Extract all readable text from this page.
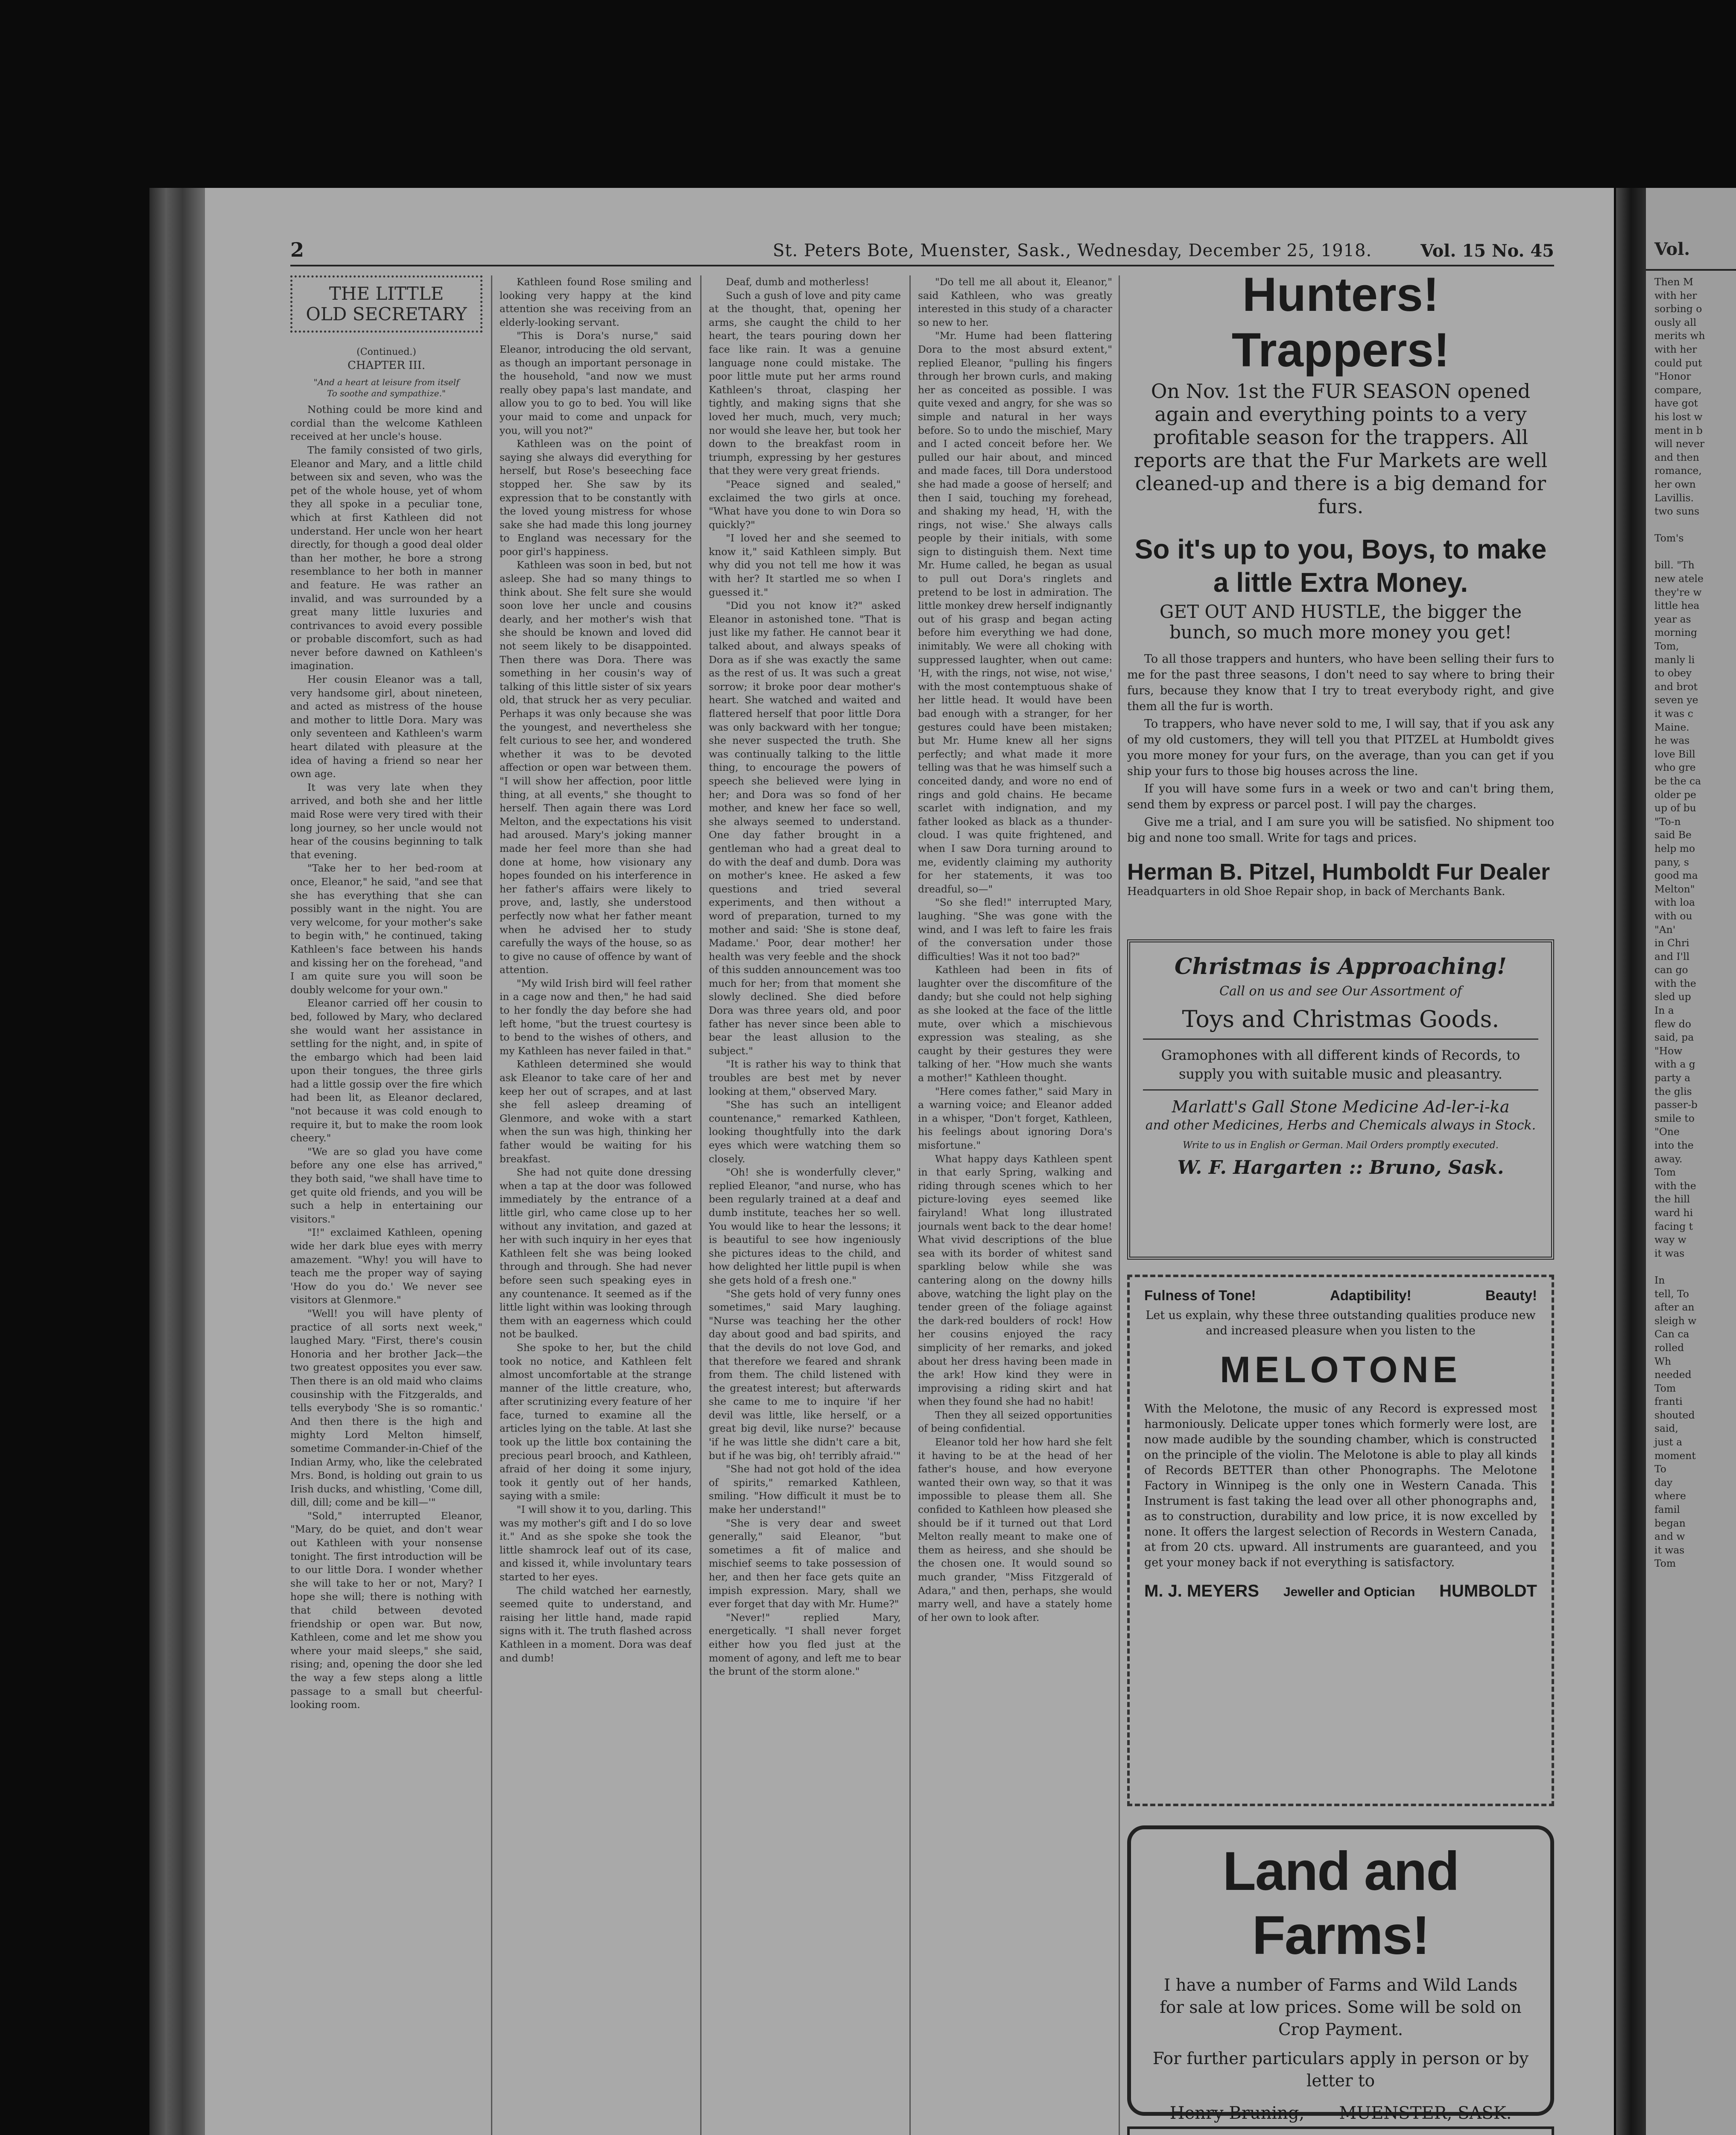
2	St. Peters Bote, Muenster, Sask., Wednesday, December 25, 1918.	Vol. 15 No. 45
THE LITTLE
OLD SECRETARY
(Continued.)
CHAPTER III.
"And a heart at leisure from itself
To soothe and sympathize."

Nothing could be more kind and cordial than the welcome Kathleen received at her uncle's house.

The family consisted of two girls, Eleanor and Mary, and a little child between six and seven, who was the pet of the whole house, yet of whom they all spoke in a peculiar tone, which at first Kathleen did not understand. Her uncle won her heart directly, for though a good deal older than her mother, he bore a strong resemblance to her both in manner and feature. He was rather an invalid, and was surrounded by a great many little luxuries and contrivances to avoid every possible or probable discomfort, such as had never before dawned on Kathleen's imagination.

Her cousin Eleanor was a tall, very handsome girl, about nineteen, and acted as mistress of the house and mother to little Dora. Mary was only seventeen and Kathleen's warm heart dilated with pleasure at the idea of having a friend so near her own age.

It was very late when they arrived, and both she and her little maid Rose were very tired with their long journey, so her uncle would not hear of the cousins beginning to talk that evening.

"Take her to her bed-room at once, Eleanor," he said, "and see that she has everything that she can possibly want in the night. You are very welcome, for your mother's sake to begin with," he continued, taking Kathleen's face between his hands and kissing her on the forehead, "and I am quite sure you will soon be doubly welcome for your own."

Eleanor carried off her cousin to bed, followed by Mary, who declared she would want her assistance in settling for the night, and, in spite of the embargo which had been laid upon their tongues, the three girls had a little gossip over the fire which had been lit, as Eleanor declared, "not because it was cold enough to require it, but to make the room look cheery."

"We are so glad you have come before any one else has arrived," they both said, "we shall have time to get quite old friends, and you will be such a help in entertaining our visitors."

"I!" exclaimed Kathleen, opening wide her dark blue eyes with merry amazement. "Why! you will have to teach me the proper way of saying 'How do you do.' We never see visitors at Glenmore."

"Well! you will have plenty of practice of all sorts next week," laughed Mary. "First, there's cousin Honoria and her brother Jack—the two greatest opposites you ever saw. Then there is an old maid who claims cousinship with the Fitzgeralds, and tells everybody 'She is so romantic.' And then there is the high and mighty Lord Melton himself, sometime Commander-in-Chief of the Indian Army, who, like the celebrated Mrs. Bond, is holding out grain to us Irish ducks, and whistling, 'Come dill, dill, dill; come and be kill—'"

"Sold," interrupted Eleanor, "Mary, do be quiet, and don't wear out Kathleen with your nonsense tonight. The first introduction will be to our little Dora. I wonder whether she will take to her or not, Mary? I hope she will; there is nothing with that child between devoted friendship or open war. But now, Kathleen, come and let me show you where your maid sleeps," she said, rising; and, opening the door she led the way a few steps along a little passage to a small but cheerful-looking room.

Kathleen found Rose smiling and looking very happy at the kind attention she was receiving from an elderly-looking servant.

"This is Dora's nurse," said Eleanor, introducing the old servant, as though an important personage in the household, "and now we must really obey papa's last mandate, and allow you to go to bed. You will like your maid to come and unpack for you, will you not?"

Kathleen was on the point of saying she always did everything for herself, but Rose's beseeching face stopped her. She saw by its expression that to be constantly with the loved young mistress for whose sake she had made this long journey to England was necessary for the poor girl's happiness.

Kathleen was soon in bed, but not asleep. She had so many things to think about. She felt sure she would soon love her uncle and cousins dearly, and her mother's wish that she should be known and loved did not seem likely to be disappointed. Then there was Dora. There was something in her cousin's way of talking of this little sister of six years old, that struck her as very peculiar. Perhaps it was only because she was the youngest, and nevertheless she felt curious to see her, and wondered whether it was to be devoted affection or open war between them. "I will show her affection, poor little thing, at all events," she thought to herself. Then again there was Lord Melton, and the expectations his visit had aroused. Mary's joking manner made her feel more than she had done at home, how visionary any hopes founded on his interference in her father's affairs were likely to prove, and, lastly, she understood perfectly now what her father meant when he advised her to study carefully the ways of the house, so as to give no cause of offence by want of attention.

"My wild Irish bird will feel rather in a cage now and then," he had said to her fondly the day before she had left home, "but the truest courtesy is to bend to the wishes of others, and my Kathleen has never failed in that."

Kathleen determined she would ask Eleanor to take care of her and keep her out of scrapes, and at last she fell asleep dreaming of Glenmore, and woke with a start when the sun was high, thinking her father would be waiting for his breakfast.

She had not quite done dressing when a tap at the door was followed immediately by the entrance of a little girl, who came close up to her without any invitation, and gazed at her with such inquiry in her eyes that Kathleen felt she was being looked through and through. She had never before seen such speaking eyes in any countenance. It seemed as if the little light within was looking through them with an eagerness which could not be baulked.

She spoke to her, but the child took no notice, and Kathleen felt almost uncomfortable at the strange manner of the little creature, who, after scrutinizing every feature of her face, turned to examine all the articles lying on the table. At last she took up the little box containing the precious pearl brooch, and Kathleen, afraid of her doing it some injury, took it gently out of her hands, saying with a smile:

"I will show it to you, darling. This was my mother's gift and I do so love it." And as she spoke she took the little shamrock leaf out of its case, and kissed it, while involuntary tears started to her eyes.

The child watched her earnestly, seemed quite to understand, and raising her little hand, made rapid signs with it. The truth flashed across Kathleen in a moment. Dora was deaf and dumb!

Deaf, dumb and motherless!

Such a gush of love and pity came at the thought, that, opening her arms, she caught the child to her heart, the tears pouring down her face like rain. It was a genuine language none could mistake. The poor little mute put her arms round Kathleen's throat, clasping her tightly, and making signs that she loved her much, much, very much; nor would she leave her, but took her down to the breakfast room in triumph, expressing by her gestures that they were very great friends.

"Peace signed and sealed," exclaimed the two girls at once. "What have you done to win Dora so quickly?"

"I loved her and she seemed to know it," said Kathleen simply. But why did you not tell me how it was with her? It startled me so when I guessed it."

"Did you not know it?" asked Eleanor in astonished tone. "That is just like my father. He cannot bear it talked about, and always speaks of Dora as if she was exactly the same as the rest of us. It was such a great sorrow; it broke poor dear mother's heart. She watched and waited and flattered herself that poor little Dora was only backward with her tongue; she never suspected the truth. She was continually talking to the little thing, to encourage the powers of speech she believed were lying in her; and Dora was so fond of her mother, and knew her face so well, she always seemed to understand. One day father brought in a gentleman who had a great deal to do with the deaf and dumb. Dora was on mother's knee. He asked a few questions and tried several experiments, and then without a word of preparation, turned to my mother and said: 'She is stone deaf, Madame.' Poor, dear mother! her health was very feeble and the shock of this sudden announcement was too much for her; from that moment she slowly declined. She died before Dora was three years old, and poor father has never since been able to bear the least allusion to the subject."

"It is rather his way to think that troubles are best met by never looking at them," observed Mary.

"She has such an intelligent countenance," remarked Kathleen, looking thoughtfully into the dark eyes which were watching them so closely.

"Oh! she is wonderfully clever," replied Eleanor, "and nurse, who has been regularly trained at a deaf and dumb institute, teaches her so well. You would like to hear the lessons; it is beautiful to see how ingeniously she pictures ideas to the child, and how delighted her little pupil is when she gets hold of a fresh one."

"She gets hold of very funny ones sometimes," said Mary laughing. "Nurse was teaching her the other day about good and bad spirits, and that the devils do not love God, and that therefore we feared and shrank from them. The child listened with the greatest interest; but afterwards she came to me to inquire 'if her devil was little, like herself, or a great big devil, like nurse?' because 'if he was little she didn't care a bit, but if he was big, oh! terribly afraid.'"

"She had not got hold of the idea of spirits," remarked Kathleen, smiling. "How difficult it must be to make her understand!"

"She is very dear and sweet generally," said Eleanor, "but sometimes a fit of malice and mischief seems to take possession of her, and then her face gets quite an impish expression. Mary, shall we ever forget that day with Mr. Hume?"

"Never!" replied Mary, energetically. "I shall never forget either how you fled just at the moment of agony, and left me to bear the brunt of the storm alone."

"Do tell me all about it, Eleanor," said Kathleen, who was greatly interested in this study of a character so new to her.

"Mr. Hume had been flattering Dora to the most absurd extent," replied Eleanor, "pulling his fingers through her brown curls, and making her as conceited as possible. I was quite vexed and angry, for she was so simple and natural in her ways before. So to undo the mischief, Mary and I acted conceit before her. We pulled our hair about, and minced and made faces, till Dora understood she had made a goose of herself; and then I said, touching my forehead, and shaking my head, 'H, with the rings, not wise.' She always calls people by their initials, with some sign to distinguish them. Next time Mr. Hume called, he began as usual to pull out Dora's ringlets and pretend to be lost in admiration. The little monkey drew herself indignantly out of his grasp and began acting before him everything we had done, inimitably. We were all choking with suppressed laughter, when out came: 'H, with the rings, not wise, not wise,' with the most contemptuous shake of her little head. It would have been bad enough with a stranger, for her gestures could have been mistaken; but Mr. Hume knew all her signs perfectly; and what made it more telling was that he was himself such a conceited dandy, and wore no end of rings and gold chains. He became scarlet with indignation, and my father looked as black as a thunder-cloud. I was quite frightened, and when I saw Dora turning around to me, evidently claiming my authority for her statements, it was too dreadful, so—"

"So she fled!" interrupted Mary, laughing. "She was gone with the wind, and I was left to faire les frais of the conversation under those difficulties! Was it not too bad?"

Kathleen had been in fits of laughter over the discomfiture of the dandy; but she could not help sighing as she looked at the face of the little mute, over which a mischievous expression was stealing, as she caught by their gestures they were talking of her. "How much she wants a mother!" Kathleen thought.

"Here comes father," said Mary in a warning voice; and Eleanor added in a whisper, "Don't forget, Kathleen, his feelings about ignoring Dora's misfortune."

What happy days Kathleen spent in that early Spring, walking and riding through scenes which to her picture-loving eyes seemed like fairyland! What long illustrated journals went back to the dear home! What vivid descriptions of the blue sea with its border of whitest sand sparkling below while she was cantering along on the downy hills above, watching the light play on the tender green of the foliage against the dark-red boulders of rock! How her cousins enjoyed the racy simplicity of her remarks, and joked about her dress having been made in the ark! How kind they were in improvising a riding skirt and hat when they found she had no habit!

Then they all seized opportunities of being confidential.

Eleanor told her how hard she felt it having to be at the head of her father's house, and how everyone wanted their own way, so that it was impossible to please them all. She confided to Kathleen how pleased she should be if it turned out that Lord Melton really meant to make one of them as heiress, and she should be the chosen one. It would sound so much grander, "Miss Fitzgerald of Adara," and then, perhaps, she would marry well, and have a stately home of her own to look after.

Hunters! Trappers!
On Nov. 1st the FUR SEASON opened again and everything points to a very profitable season for the trappers. All reports are that the Fur Markets are well cleaned-up and there is a big demand for furs.
So it's up to you, Boys, to make a little Extra Money.
GET OUT AND HUSTLE, the bigger the bunch, so much more money you get!

To all those trappers and hunters, who have been selling their furs to me for the past three seasons, I don't need to say where to bring their furs, because they know that I try to treat everybody right, and give them all the fur is worth.

To trappers, who have never sold to me, I will say, that if you ask any of my old customers, they will tell you that PITZEL at Humboldt gives you more money for your furs, on the average, than you can get if you ship your furs to those big houses across the line.

If you will have some furs in a week or two and can't bring them, send them by express or parcel post. I will pay the charges.

Give me a trial, and I am sure you will be satisfied. No shipment too big and none too small. Write for tags and prices.

Herman B. Pitzel, Humboldt Fur Dealer
Headquarters in old Shoe Repair shop, in back of Merchants Bank.
Christmas is Approaching!
Call on us and see Our Assortment of
Toys and Christmas Goods.
Gramophones with all different kinds of Records, to supply you with suitable music and pleasantry.
Marlatt's Gall Stone Medicine Ad-ler-i-ka
and other Medicines, Herbs and Chemicals always in Stock.
Write to us in English or German. Mail Orders promptly executed.
W. F. Hargarten :: Bruno, Sask.
Fulness of Tone!	Adaptibility!	Beauty!
Let us explain, why these three outstanding qualities produce new and increased pleasure when you listen to the
MELOTONE
With the Melotone, the music of any Record is expressed most harmoniously. Delicate upper tones which formerly were lost, are now made audible by the sounding chamber, which is constructed on the principle of the violin. The Melotone is able to play all kinds of Records BETTER than other Phonographs. The Melotone Factory in Winnipeg is the only one in Western Canada. This Instrument is fast taking the lead over all other phonographs and, as to construction, durability and low price, it is now excelled by none. It offers the largest selection of Records in Western Canada, at from 20 cts. upward. All instruments are guaranteed, and you get your money back if not everything is satisfactory.
M. J. MEYERS Jeweller and Optician HUMBOLDT
Land and Farms!
I have a number of Farms and Wild Lands for sale at low prices. Some will be sold on Crop Payment.
For further particulars apply in person or by letter to
Henry Bruning, MUENSTER, SASK.
Vol.
Then M
with her
sorbing o
ously all
merits wh
with her
could put
"Honor
compare,
have got
his lost w
ment in b
will never
and then
romance,
her own
Lavillis.
two suns

Tom's

bill. "Th
new atele
they're w
little hea
year as
morning
Tom,
manly li
to obey
and brot
seven ye
it was c
Maine.
he was
love Bill
who gre
be the ca
older pe
up of bu
"To-n
said Be
help mo
pany, s
good ma
Melton"
with loa
with ou
"An'
in Chri
and I'll
can go
with the
sled up
In a
flew do
said, pa
"How
with a g
party a
the glis
passer-b
smile to
"One
into the
away.
Tom
with the
the hill
ward hi
facing t
way w
it was

In
tell, To
after an
sleigh w
Can ca
rolled
Wh
needed
Tom
franti
shouted
said,
just a
moment
To
day
where
famil
began
and w
it was
Tom
